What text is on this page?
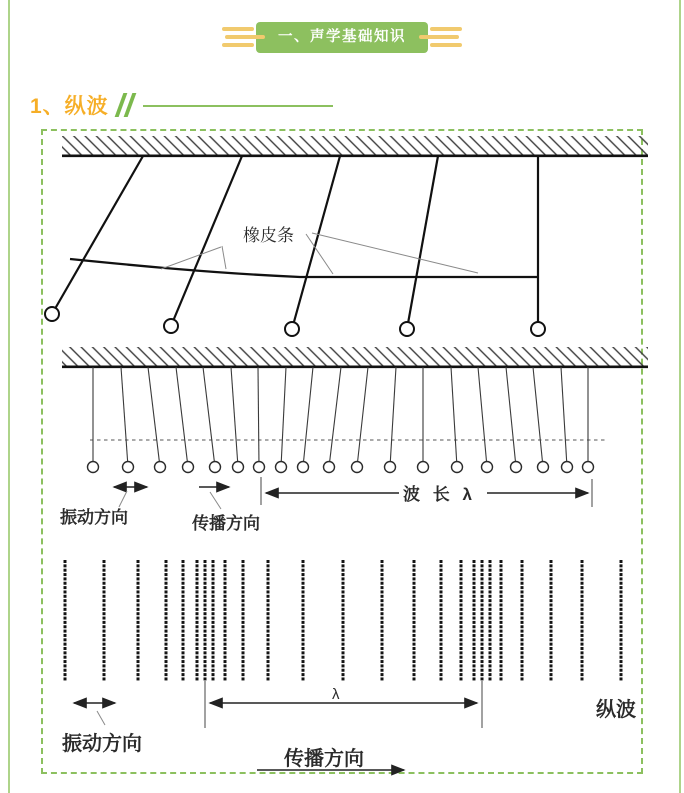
一、声学基础知识
1、纵波
橡皮条
振动方向	传播方向
波 长 λ
振动方向
λ
传播方向
纵波
